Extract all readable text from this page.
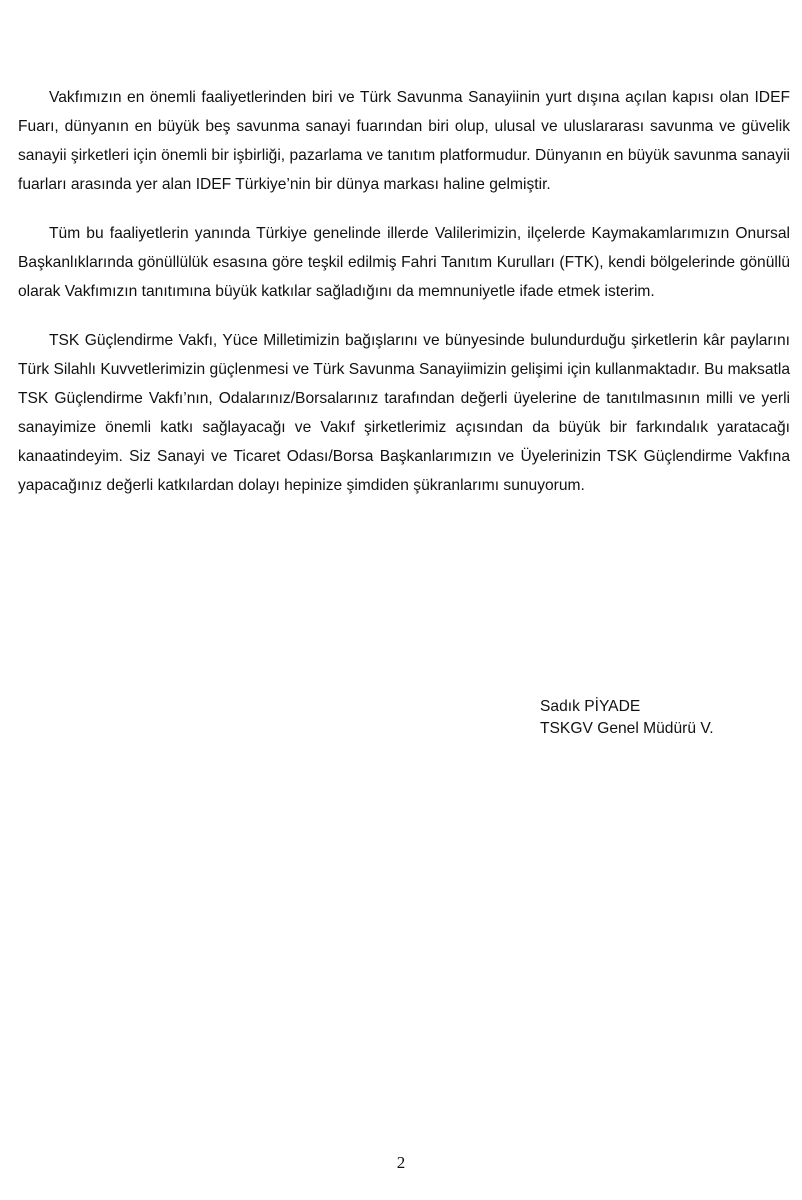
Vakfımızın en önemli faaliyetlerinden biri ve Türk Savunma Sanayiinin yurt dışına açılan kapısı olan IDEF Fuarı, dünyanın en büyük beş savunma sanayi fuarından biri olup, ulusal ve uluslararası savunma ve güvelik sanayii şirketleri için önemli bir işbirliği, pazarlama ve tanıtım platformudur. Dünyanın en büyük savunma sanayii fuarları arasında yer alan IDEF Türkiye’nin bir dünya markası haline gelmiştir.

Tüm bu faaliyetlerin yanında Türkiye genelinde illerde Valilerimizin, ilçelerde Kaymakamlarımızın Onursal Başkanlıklarında gönüllülük esasına göre teşkil edilmiş Fahri Tanıtım Kurulları (FTK), kendi bölgelerinde gönüllü olarak Vakfımızın tanıtımına büyük katkılar sağladığını da memnuniyetle ifade etmek isterim.

TSK Güçlendirme Vakfı, Yüce Milletimizin bağışlarını ve bünyesinde bulundurduğu şirketlerin kâr paylarını Türk Silahlı Kuvvetlerimizin güçlenmesi ve Türk Savunma Sanayiimizin gelişimi için kullanmaktadır. Bu maksatla TSK Güçlendirme Vakfı’nın, Odalarınız/Borsalarınız tarafından değerli üyelerine de tanıtılmasının milli ve yerli sanayimize önemli katkı sağlayacağı ve Vakıf şirketlerimiz açısından da büyük bir farkındalık yaratacağı kanaatindeyim. Siz Sanayi ve Ticaret Odası/Borsa Başkanlarımızın ve Üyelerinizin TSK Güçlendirme Vakfına yapacağınız değerli katkılardan dolayı hepinize şimdiden şükranlarımı sunuyorum.

Sadık PİYADE
TSKGV Genel Müdürü V.
2
